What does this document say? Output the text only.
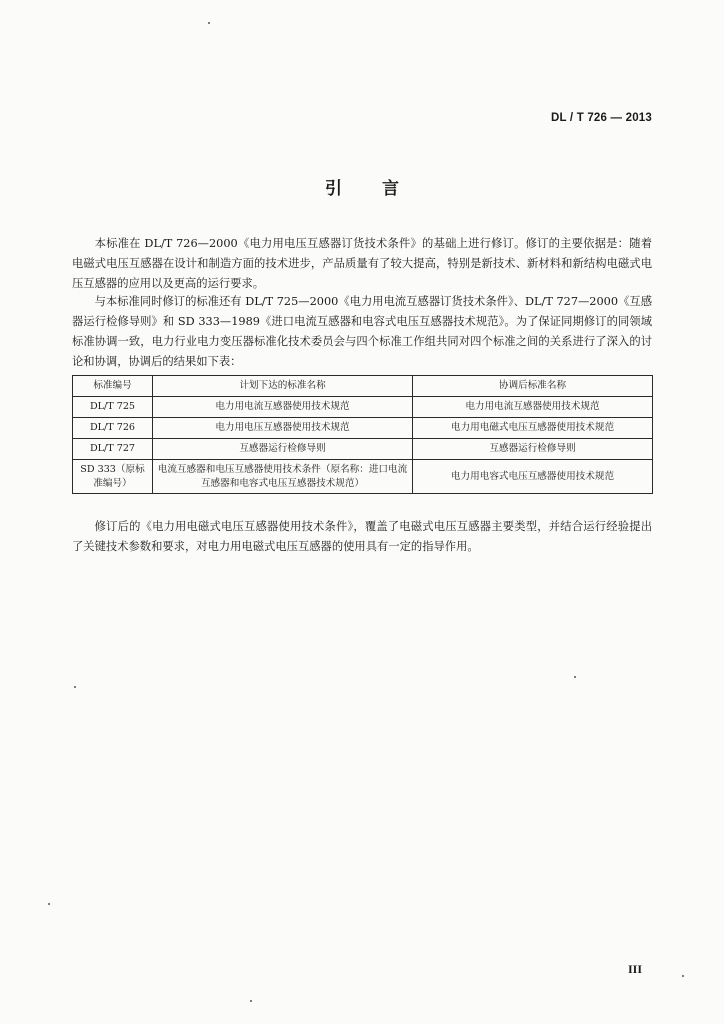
DL / T 726 — 2013
引言

本标准在 DL/T 726—2000《电力用电压互感器订货技术条件》的基础上进行修订。修订的主要依据是：随着电磁式电压互感器在设计和制造方面的技术进步，产品质量有了较大提高，特别是新技术、新材料和新结构电磁式电压互感器的应用以及更高的运行要求。

与本标准同时修订的标准还有 DL/T 725—2000《电力用电流互感器订货技术条件》、DL/T 727—2000《互感器运行检修导则》和 SD 333—1989《进口电流互感器和电容式电压互感器技术规范》。为了保证同期修订的同领域标准协调一致，电力行业电力变压器标准化技术委员会与四个标准工作组共同对四个标准之间的关系进行了深入的讨论和协调，协调后的结果如下表：

标准编号	计划下达的标准名称	协调后标准名称
DL/T 725	电力用电流互感器使用技术规范	电力用电流互感器使用技术规范
DL/T 726	电力用电压互感器使用技术规范	电力用电磁式电压互感器使用技术规范
DL/T 727	互感器运行检修导则	互感器运行检修导则
SD 333（原标准编号）	电流互感器和电压互感器使用技术条件（原名称：进口电流互感器和电容式电压互感器技术规范）	电力用电容式电压互感器使用技术规范

修订后的《电力用电磁式电压互感器使用技术条件》，覆盖了电磁式电压互感器主要类型，并结合运行经验提出了关键技术参数和要求，对电力用电磁式电压互感器的使用具有一定的指导作用。

III
